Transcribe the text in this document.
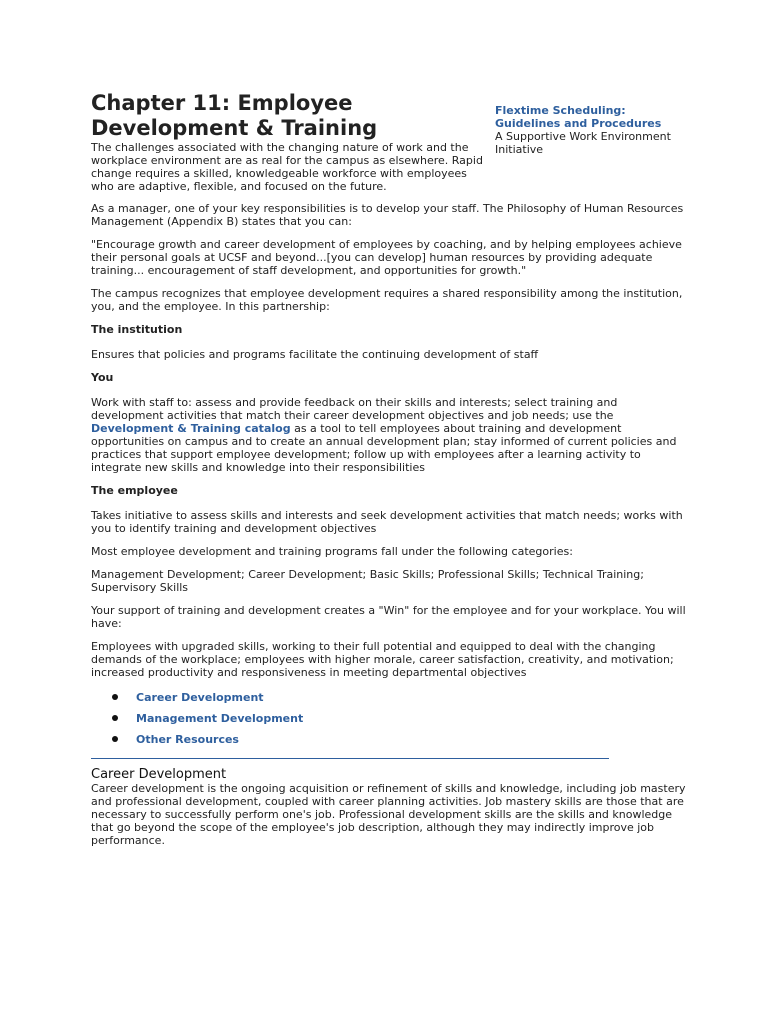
Chapter 11: Employee Development & Training
Flextime Scheduling: Guidelines and Procedures
A Supportive Work Environment Initiative

The challenges associated with the changing nature of work and the workplace environment are as real for the campus as elsewhere. Rapid change requires a skilled, knowledgeable workforce with employees who are adaptive, flexible, and focused on the future.

As a manager, one of your key responsibilities is to develop your staff. The Philosophy of Human Resources Management (Appendix B) states that you can:

"Encourage growth and career development of employees by coaching, and by helping employees achieve their personal goals at UCSF and beyond...[you can develop] human resources by providing adequate training... encouragement of staff development, and opportunities for growth."

The campus recognizes that employee development requires a shared responsibility among the institution, you, and the employee. In this partnership:

The institution

Ensures that policies and programs facilitate the continuing development of staff

You

Work with staff to: assess and provide feedback on their skills and interests; select training and development activities that match their career development objectives and job needs; use the Development & Training catalog as a tool to tell employees about training and development opportunities on campus and to create an annual development plan; stay informed of current policies and practices that support employee development; follow up with employees after a learning activity to integrate new skills and knowledge into their responsibilities

The employee

Takes initiative to assess skills and interests and seek development activities that match needs; works with you to identify training and development objectives

Most employee development and training programs fall under the following categories:

Management Development; Career Development; Basic Skills; Professional Skills; Technical Training; Supervisory Skills

Your support of training and development creates a "Win" for the employee and for your workplace. You will have:

Employees with upgraded skills, working to their full potential and equipped to deal with the changing demands of the workplace; employees with higher morale, career satisfaction, creativity, and motivation; increased productivity and responsiveness in meeting departmental objectives

Career Development
Management Development
Other Resources
Career Development

Career development is the ongoing acquisition or refinement of skills and knowledge, including job mastery and professional development, coupled with career planning activities. Job mastery skills are those that are necessary to successfully perform one's job. Professional development skills are the skills and knowledge that go beyond the scope of the employee's job description, although they may indirectly improve job performance.
